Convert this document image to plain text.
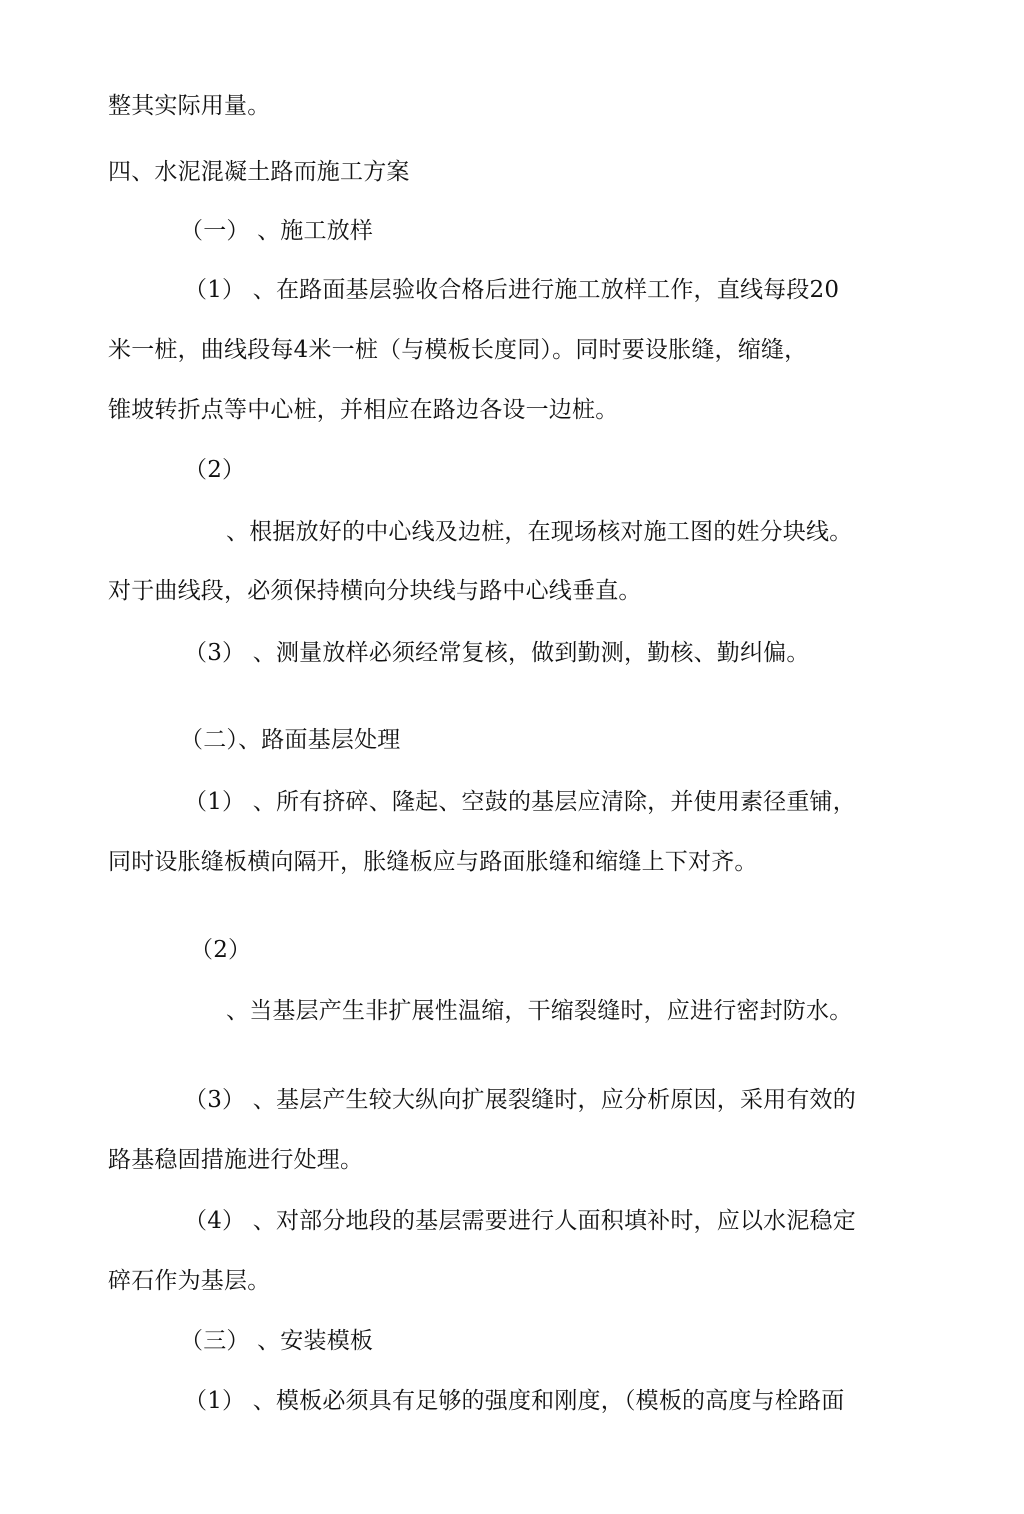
整其实际用量。
四、水泥混凝土路而施工方案
（一） 、施工放样
（1） 、在路面基层验收合格后进行施工放样工作，直线每段20
米一桩，曲线段每4米一桩（与模板长度同）。同时要设胀缝，缩缝，
锥坡转折点等中心桩，并相应在路边各设一边桩。
（2）
、根据放好的中心线及边桩，在现场核对施工图的姓分块线。
对于曲线段，必须保持横向分块线与路中心线垂直。
（3） 、测量放样必须经常复核，做到勤测，勤核、勤纠偏。
（二）、路面基层处理
（1） 、所有挤碎、隆起、空鼓的基层应清除，并使用素径重铺，
同时设胀缝板横向隔开，胀缝板应与路面胀缝和缩缝上下对齐。
（2）
、当基层产生非扩展性温缩，干缩裂缝时，应进行密封防水。
（3） 、基层产生较大纵向扩展裂缝时，应分析原因，采用有效的
路基稳固措施进行处理。
（4） 、对部分地段的基层需要进行人面积填补时，应以水泥稳定
碎石作为基层。
（三） 、安装模板
（1） 、模板必须具有足够的强度和刚度，（模板的高度与栓路面
